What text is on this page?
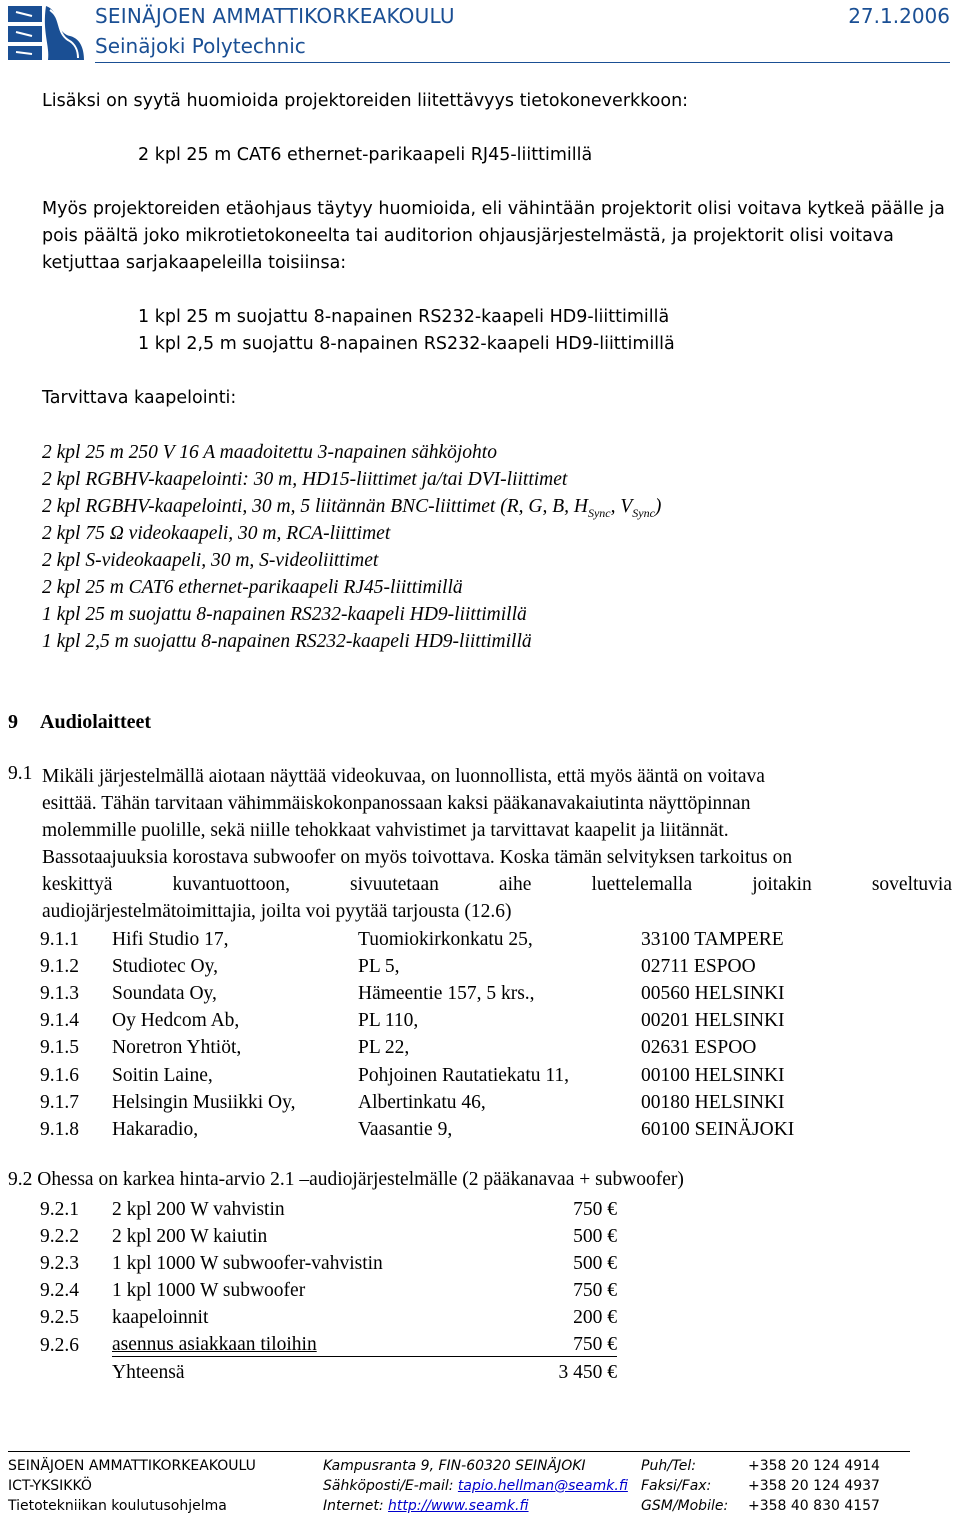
SEINÄJOEN AMMATTIKORKEAKOULU
Seinäjoki Polytechnic
27.1.2006
Lisäksi on syytä huomioida projektoreiden liitettävyys tietokoneverkkoon:
2 kpl 25 m CAT6 ethernet-parikaapeli RJ45-liittimillä
Myös projektoreiden etäohjaus täytyy huomioida, eli vähintään projektorit olisi voitava kytkeä päälle ja pois päältä joko mikrotietokoneelta tai auditorion ohjausjärjestelmästä, ja projektorit olisi voitava ketjuttaa sarjakaapeleilla toisiinsa:
1 kpl 25 m suojattu 8-napainen RS232-kaapeli HD9-liittimillä
1 kpl 2,5 m suojattu 8-napainen RS232-kaapeli HD9-liittimillä
Tarvittava kaapelointi:
2 kpl 25 m 250 V 16 A maadoitettu 3-napainen sähköjohto
2 kpl RGBHV-kaapelointi: 30 m, HD15-liittimet ja/tai DVI-liittimet
2 kpl RGBHV-kaapelointi, 30 m, 5 liitännän BNC-liittimet (R, G, B, $H_{Sync}$, $V_{Sync}$)
2 kpl 75 Ω videokaapeli, 30 m, RCA-liittimet
2 kpl S-videokaapeli, 30 m, S-videoliittimet
2 kpl 25 m CAT6 ethernet-parikaapeli RJ45-liittimillä
1 kpl 25 m suojattu 8-napainen RS232-kaapeli HD9-liittimillä
1 kpl 2,5 m suojattu 8-napainen RS232-kaapeli HD9-liittimillä
9 Audiolaitteet
9.1 Mikäli järjestelmällä aiotaan näyttää videokuvaa, on luonnollista, että myös ääntä on voitava
esittää. Tähän tarvitaan vähimmäiskokonpanossaan kaksi pääkanavakaiutinta näyttöpinnan
molemmille puolille, sekä niille tehokkaat vahvistimet ja tarvittavat kaapelit ja liitännät.
Bassotaajuuksia korostava subwoofer on myös toivottava. Koska tämän selvityksen tarkoitus on
keskittyä kuvantuottoon, sivuutetaan aihe luettelemalla joitakin soveltuvia
audiojärjestelmätoimittajia, joilta voi pyytää tarjousta (12.6)
9.1.1	Hifi Studio 17,	Tuomiokirkonkatu 25,	33100 TAMPERE
9.1.2	Studiotec Oy,	PL 5,	02711 ESPOO
9.1.3	Soundata Oy,	Hämeentie 157, 5 krs.,	00560 HELSINKI
9.1.4	Oy Hedcom Ab,	PL 110,	00201 HELSINKI
9.1.5	Noretron Yhtiöt,	PL 22,	02631 ESPOO
9.1.6	Soitin Laine,	Pohjoinen Rautatiekatu 11,	00100 HELSINKI
9.1.7	Helsingin Musiikki Oy,	Albertinkatu 46,	00180 HELSINKI
9.1.8	Hakaradio,	Vaasantie 9,	60100 SEINÄJOKI
9.2 Ohessa on karkea hinta-arvio 2.1 –audiojärjestelmälle (2 pääkanavaa + subwoofer)
9.2.1	2 kpl 200 W vahvistin	750 €
9.2.2	2 kpl 200 W kaiutin	500 €
9.2.3	1 kpl 1000 W subwoofer-vahvistin	500 €
9.2.4	1 kpl 1000 W subwoofer	750 €
9.2.5	kaapeloinnit	200 €
9.2.6	asennus asiakkaan tiloihin 750 €	

	Yhteensä	3 450 €
SEINÄJOEN AMMATTIKORKEAKOULU
ICT-YKSIKKÖ
Tietotekniikan koulutusohjelma
Kampusranta 9, FIN-60320 SEINÄJOKI
Sähköposti/E-mail: tapio.hellman@seamk.fi
Internet: http://www.seamk.fi
Puh/Tel:
Faksi/Fax:
GSM/Mobile:
+358 20 124 4914
+358 20 124 4937
+358 40 830 4157
